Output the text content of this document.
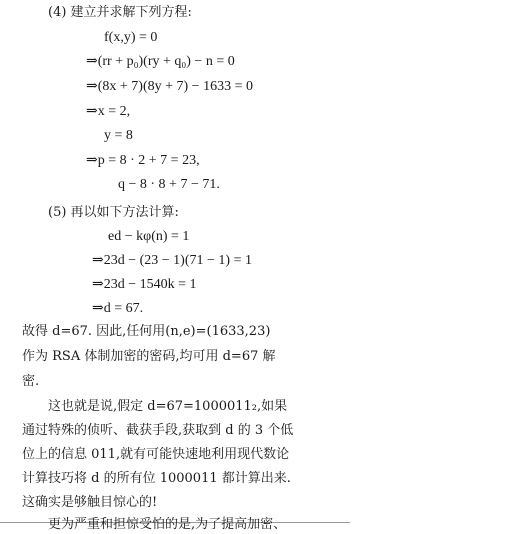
(4) 建立并求解下列方程:
f(x,y) = 0
⇒(rr + p₀)(ry + q₀) − n = 0
⇒(8x + 7)(8y + 7) − 1633 = 0
⇒x = 2,
y = 8
⇒p = 8 · 2 + 7 = 23,
q − 8 · 8 + 7 − 71.
(5) 再以如下方法计算:
ed − kφ(n) = 1
⇒23d − (23 − 1)(71 − 1) = 1
⇒23d − 1540k = 1
⇒d = 67.
故得 d=67. 因此,任何用(n,e)=(1633,23)
作为 RSA 体制加密的密码,均可用 d=67 解
密.
这也就是说,假定 d=67=1000011₂,如果
通过特殊的侦听、截获手段,获取到 d 的 3 个低
位上的信息 011,就有可能快速地利用现代数论
计算技巧将 d 的所有位 1000011 都计算出来.
这确实是够触目惊心的!
更为严重和担惊受怕的是,为了提高加密、
